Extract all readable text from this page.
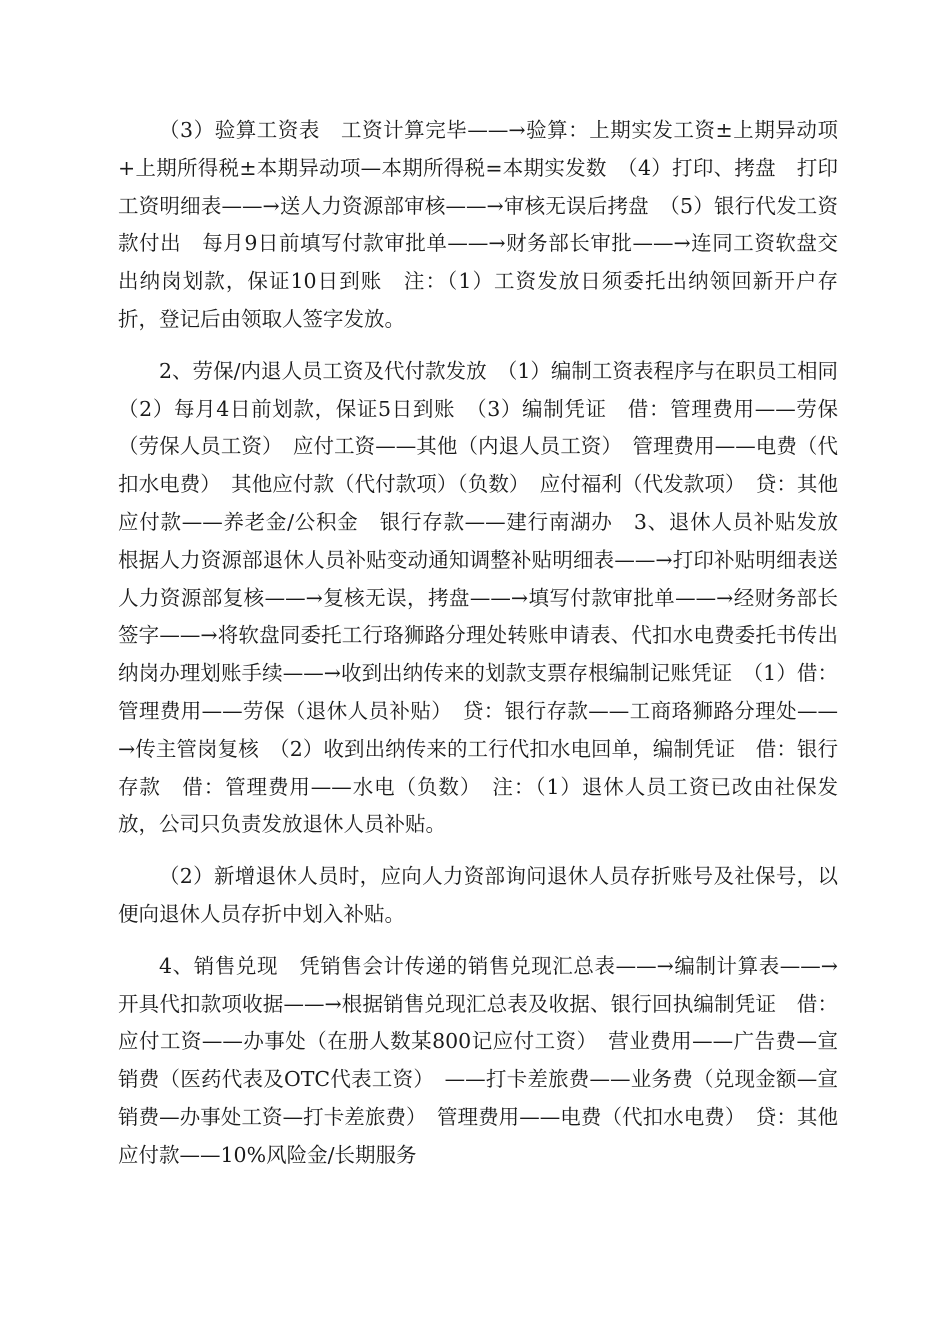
（3）验算工资表　工资计算完毕——→验算：上期实发工资±上期异动项+上期所得税±本期异动项—本期所得税=本期实发数　（4）打印、拷盘　打印工资明细表——→送人力资源部审核——→审核无误后拷盘　（5）银行代发工资款付出　每月9日前填写付款审批单——→财务部长审批——→连同工资软盘交出纳岗划款，保证10日到账　注：（1）工资发放日须委托出纳领回新开户存折，登记后由领取人签字发放。

2、劳保/内退人员工资及代付款发放　（1）编制工资表程序与在职员工相同　（2）每月4日前划款，保证5日到账　（3）编制凭证　借：管理费用——劳保（劳保人员工资）　应付工资——其他（内退人员工资）　管理费用——电费（代扣水电费）　其他应付款（代付款项）（负数）　应付福利（代发款项）　贷：其他应付款——养老金/公积金　银行存款——建行南湖办　3、退休人员补贴发放　根据人力资源部退休人员补贴变动通知调整补贴明细表——→打印补贴明细表送人力资源部复核——→复核无误，拷盘——→填写付款审批单——→经财务部长签字——→将软盘同委托工行珞狮路分理处转账申请表、代扣水电费委托书传出纳岗办理划账手续——→收到出纳传来的划款支票存根编制记账凭证　（1）借：管理费用——劳保（退休人员补贴）　贷：银行存款——工商珞狮路分理处——→传主管岗复核　（2）收到出纳传来的工行代扣水电回单，编制凭证　借：银行存款　借：管理费用——水电（负数）　注：（1）退休人员工资已改由社保发放，公司只负责发放退休人员补贴。

（2）新增退休人员时，应向人力资部询问退休人员存折账号及社保号，以便向退休人员存折中划入补贴。

4、销售兑现　凭销售会计传递的销售兑现汇总表——→编制计算表——→开具代扣款项收据——→根据销售兑现汇总表及收据、银行回执编制凭证　借：应付工资——办事处（在册人数某800记应付工资）　营业费用——广告费—宣销费（医药代表及OTC代表工资）　——打卡差旅费——业务费（兑现金额—宣销费—办事处工资—打卡差旅费）　管理费用——电费（代扣水电费）　贷：其他应付款——10%风险金/长期服务
